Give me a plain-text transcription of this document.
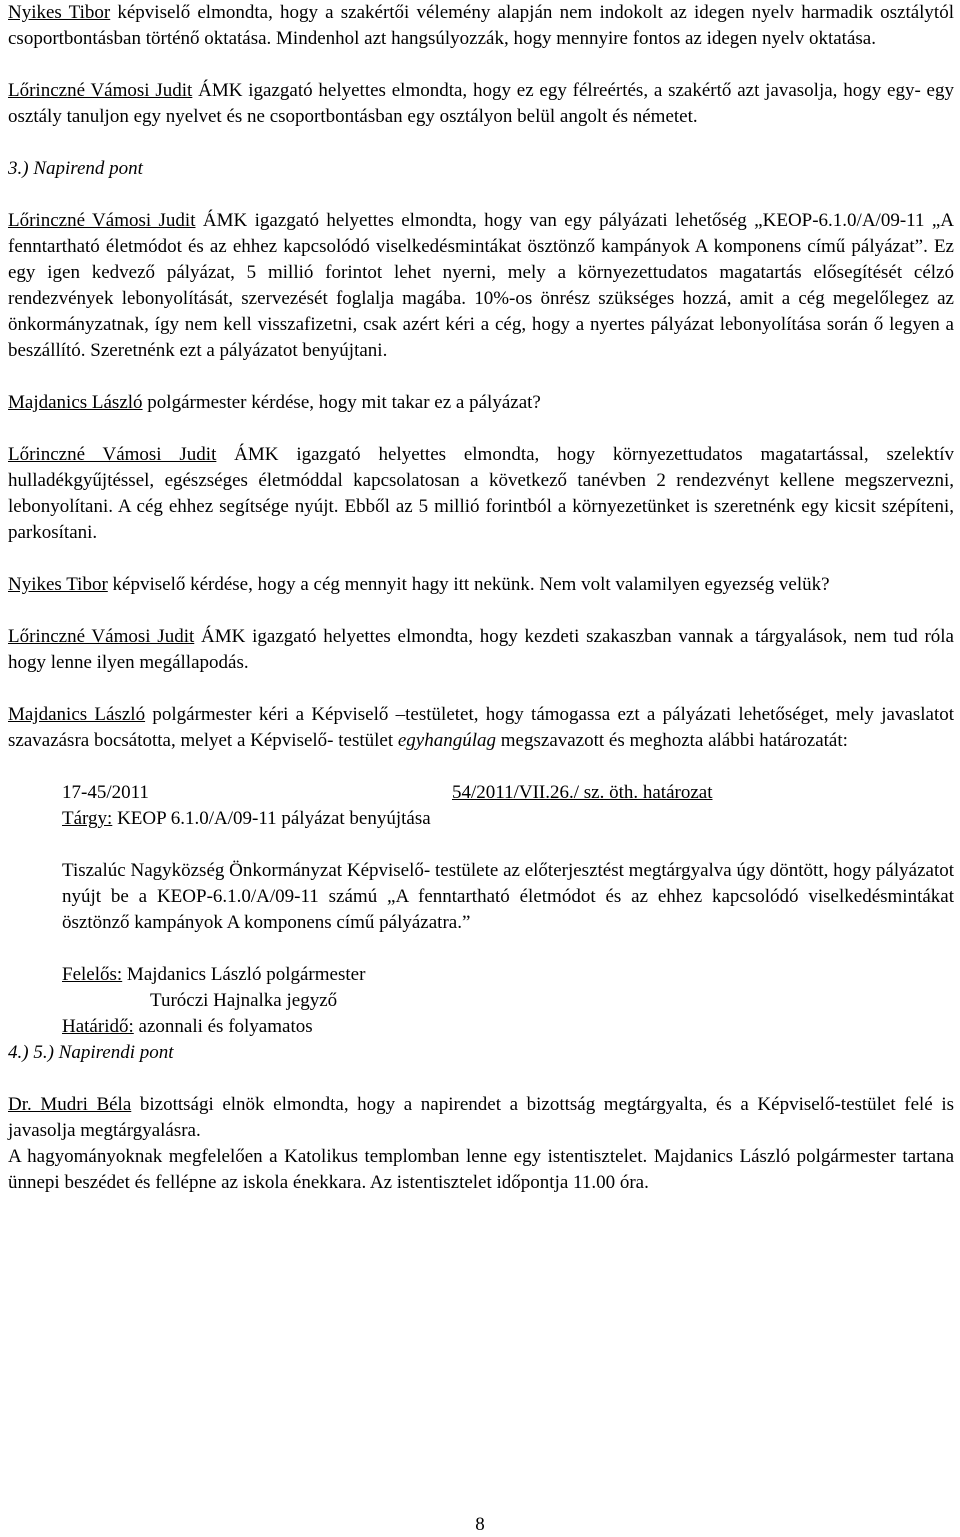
Nyikes Tibor képviselő elmondta, hogy a szakértői vélemény alapján nem indokolt az idegen nyelv harmadik osztálytól csoportbontásban történő oktatása. Mindenhol azt hangsúlyozzák, hogy mennyire fontos az idegen nyelv oktatása.

Lőrinczné Vámosi Judit ÁMK igazgató helyettes elmondta, hogy ez egy félreértés, a szakértő azt javasolja, hogy egy- egy osztály tanuljon egy nyelvet és ne csoportbontásban egy osztályon belül angolt és németet.

3.) Napirend pont

Lőrinczné Vámosi Judit ÁMK igazgató helyettes elmondta, hogy van egy pályázati lehetőség „KEOP-6.1.0/A/09-11 „A fenntartható életmódot és az ehhez kapcsolódó viselkedésmintákat ösztönző kampányok A komponens című pályázat”. Ez egy igen kedvező pályázat, 5 millió forintot lehet nyerni, mely a környezettudatos magatartás elősegítését célzó rendezvények lebonyolítását, szervezését foglalja magába. 10%-os önrész szükséges hozzá, amit a cég megelőlegez az önkormányzatnak, így nem kell visszafizetni, csak azért kéri a cég, hogy a nyertes pályázat lebonyolítása során ő legyen a beszállító. Szeretnénk ezt a pályázatot benyújtani.

Majdanics László polgármester kérdése, hogy mit takar ez a pályázat?

Lőrinczné Vámosi Judit ÁMK igazgató helyettes elmondta, hogy környezettudatos magatartással, szelektív hulladékgyűjtéssel, egészséges életmóddal kapcsolatosan a következő tanévben 2 rendezvényt kellene megszervezni, lebonyolítani. A cég ehhez segítsége nyújt. Ebből az 5 millió forintból a környezetünket is szeretnénk egy kicsit szépíteni, parkosítani.

Nyikes Tibor képviselő kérdése, hogy a cég mennyit hagy itt nekünk. Nem volt valamilyen egyezség velük?

Lőrinczné Vámosi Judit ÁMK igazgató helyettes elmondta, hogy kezdeti szakaszban vannak a tárgyalások, nem tud róla hogy lenne ilyen megállapodás.

Majdanics László polgármester kéri a Képviselő –testületet, hogy támogassa ezt a pályázati lehetőséget, mely javaslatot szavazásra bocsátotta, melyet a Képviselő- testület egyhangúlag megszavazott és meghozta alábbi határozatát:

17-45/2011	54/2011/VII.26./ sz. öth. határozat

Tárgy: KEOP 6.1.0/A/09-11 pályázat benyújtása

Tiszalúc Nagyközség Önkormányzat Képviselő- testülete az előterjesztést megtárgyalva úgy döntött, hogy pályázatot nyújt be a KEOP-6.1.0/A/09-11 számú „A fenntartható életmódot és az ehhez kapcsolódó viselkedésmintákat ösztönző kampányok A komponens című pályázatra.”

Felelős: Majdanics László polgármester

Turóczi Hajnalka jegyző

Határidő: azonnali és folyamatos

4.) 5.) Napirendi pont

Dr. Mudri Béla bizottsági elnök elmondta, hogy a napirendet a bizottság megtárgyalta, és a Képviselő-testület felé is javasolja megtárgyalásra.

A hagyományoknak megfelelően a Katolikus templomban lenne egy istentisztelet. Majdanics László polgármester tartana ünnepi beszédet és fellépne az iskola énekkara. Az istentisztelet időpontja 11.00 óra.

8
